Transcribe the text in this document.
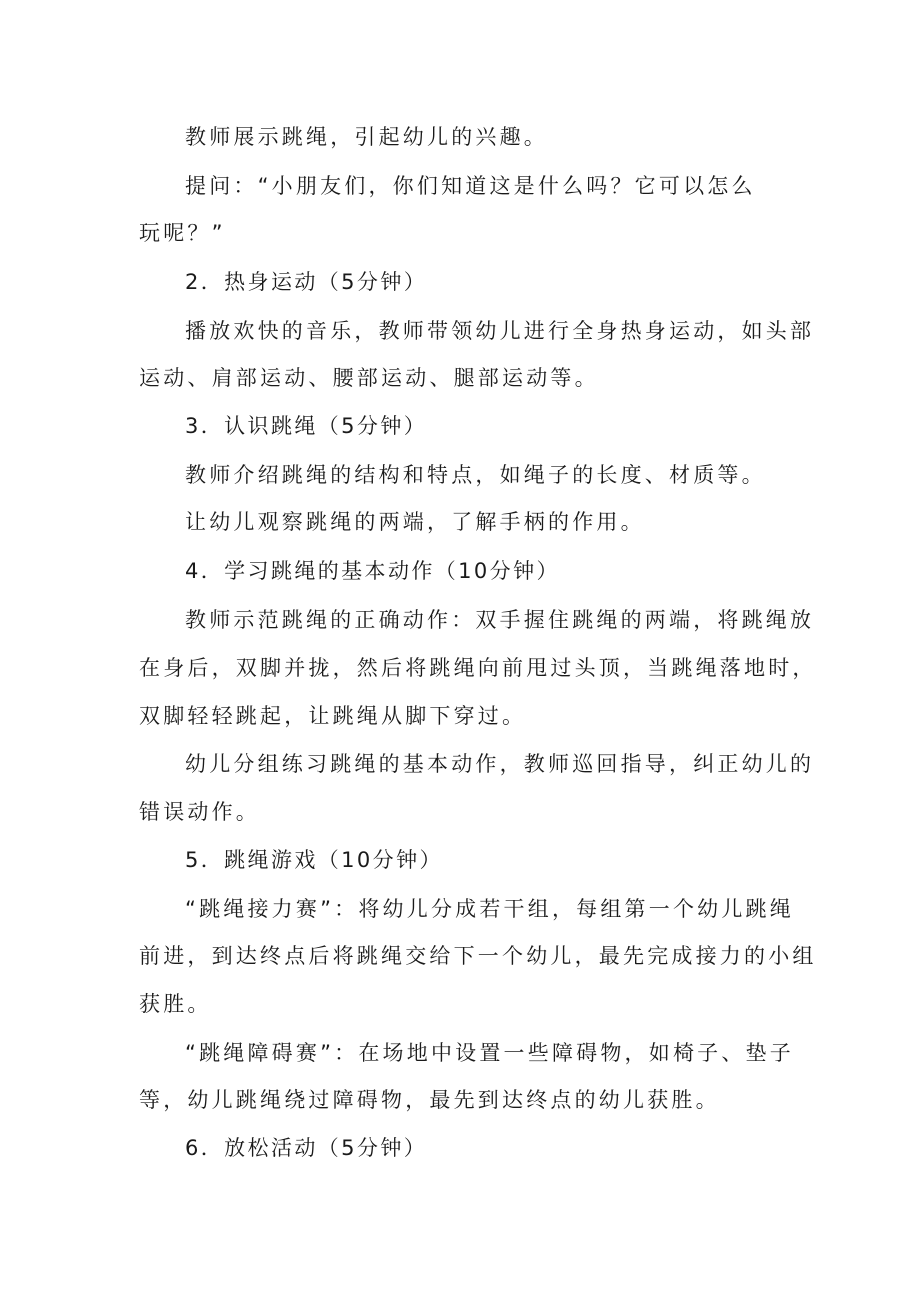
教师展示跳绳，引起幼儿的兴趣。
提问：“小朋友们，你们知道这是什么吗？它可以怎么
玩呢？”
2．热身运动（5分钟）
播放欢快的音乐，教师带领幼儿进行全身热身运动，如头部
运动、肩部运动、腰部运动、腿部运动等。
3．认识跳绳（5分钟）
教师介绍跳绳的结构和特点，如绳子的长度、材质等。
让幼儿观察跳绳的两端，了解手柄的作用。
4．学习跳绳的基本动作（10分钟）
教师示范跳绳的正确动作：双手握住跳绳的两端，将跳绳放
在身后，双脚并拢，然后将跳绳向前甩过头顶，当跳绳落地时，
双脚轻轻跳起，让跳绳从脚下穿过。
幼儿分组练习跳绳的基本动作，教师巡回指导，纠正幼儿的
错误动作。
5．跳绳游戏（10分钟）
“跳绳接力赛”：将幼儿分成若干组，每组第一个幼儿跳绳
前进，到达终点后将跳绳交给下一个幼儿，最先完成接力的小组
获胜。
“跳绳障碍赛”：在场地中设置一些障碍物，如椅子、垫子
等，幼儿跳绳绕过障碍物，最先到达终点的幼儿获胜。
6．放松活动（5分钟）
